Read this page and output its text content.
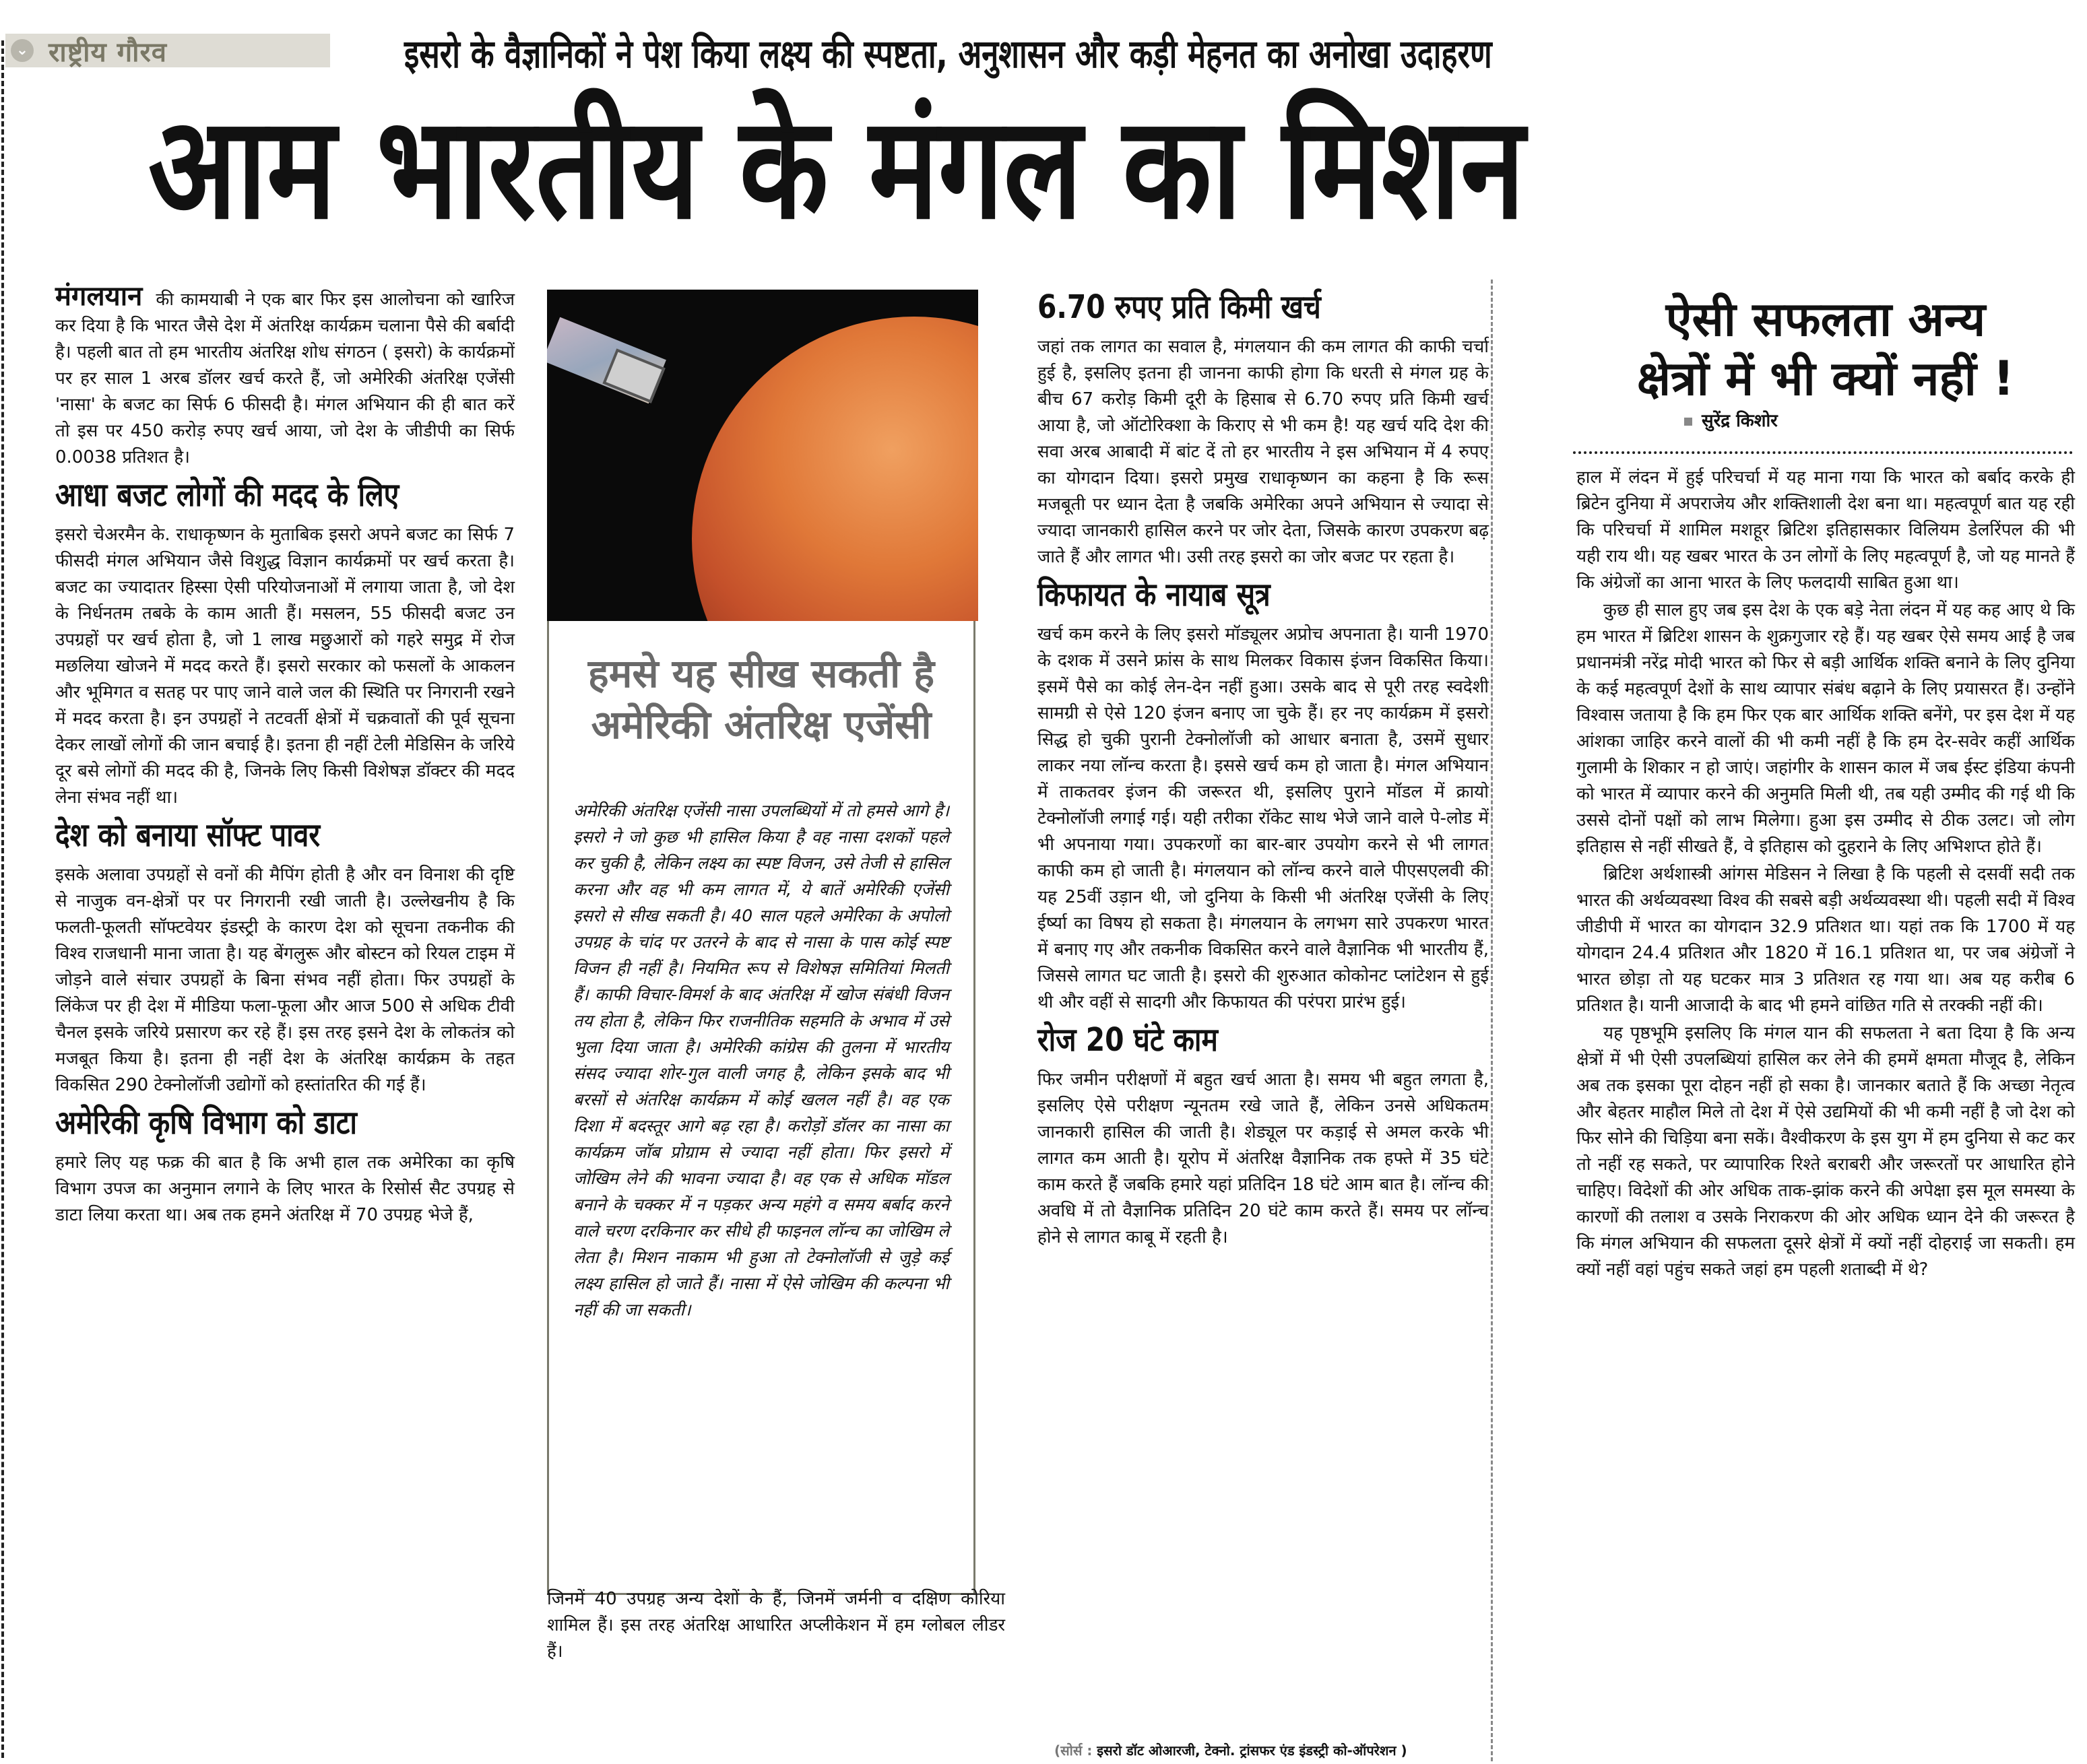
⌄ राष्ट्रीय गौरव	इसरो के वैज्ञानिकों ने पेश किया लक्ष्य की स्पष्टता, अनुशासन और कड़ी मेहनत का अनोखा उदाहरण
आम भारतीय के मंगल का मिशन

मंगलयान की कामयाबी ने एक बार फिर इस आलोचना को खारिज कर दिया है कि भारत जैसे देश में अंतरिक्ष कार्यक्रम चलाना पैसे की बर्बादी है। पहली बात तो हम भारतीय अंतरिक्ष शोध संगठन ( इसरो) के कार्यक्रमों पर हर साल 1 अरब डॉलर खर्च करते हैं, जो अमेरिकी अंतरिक्ष एजेंसी 'नासा' के बजट का सिर्फ 6 फीसदी है। मंगल अभियान की ही बात करें तो इस पर 450 करोड़ रुपए खर्च आया, जो देश के जीडीपी का सिर्फ 0.0038 प्रतिशत है।

आधा बजट लोगों की मदद के लिए

इसरो चेअरमैन के. राधाकृष्णन के मुताबिक इसरो अपने बजट का सिर्फ 7 फीसदी मंगल अभियान जैसे विशुद्ध विज्ञान कार्यक्रमों पर खर्च करता है। बजट का ज्यादातर हिस्सा ऐसी परियोजनाओं में लगाया जाता है, जो देश के निर्धनतम तबके के काम आती हैं। मसलन, 55 फीसदी बजट उन उपग्रहों पर खर्च होता है, जो 1 लाख मछुआरों को गहरे समुद्र में रोज मछलिया खोजने में मदद करते हैं। इसरो सरकार को फसलों के आकलन और भूमिगत व सतह पर पाए जाने वाले जल की स्थिति पर निगरानी रखने में मदद करता है। इन उपग्रहों ने तटवर्ती क्षेत्रों में चक्रवातों की पूर्व सूचना देकर लाखों लोगों की जान बचाई है। इतना ही नहीं टेली मेडिसिन के जरिये दूर बसे लोगों की मदद की है, जिनके लिए किसी विशेषज्ञ डॉक्टर की मदद लेना संभव नहीं था।

देश को बनाया सॉफ्ट पावर

इसके अलावा उपग्रहों से वनों की मैपिंग होती है और वन विनाश की दृष्टि से नाजुक वन-क्षेत्रों पर पर निगरानी रखी जाती है। उल्लेखनीय है कि फलती-फूलती सॉफ्टवेयर इंडस्ट्री के कारण देश को सूचना तकनीक की विश्व राजधानी माना जाता है। यह बेंगलुरू और बोस्टन को रियल टाइम में जोड़ने वाले संचार उपग्रहों के बिना संभव नहीं होता। फिर उपग्रहों के लिंकेज पर ही देश में मीडिया फला-फूला और आज 500 से अधिक टीवी चैनल इसके जरिये प्रसारण कर रहे हैं। इस तरह इसने देश के लोकतंत्र को मजबूत किया है। इतना ही नहीं देश के अंतरिक्ष कार्यक्रम के तहत विकसित 290 टेक्नोलॉजी उद्योगों को हस्तांतरित की गई हैं।

अमेरिकी कृषि विभाग को डाटा

हमारे लिए यह फक्र की बात है कि अभी हाल तक अमेरिका का कृषि विभाग उपज का अनुमान लगाने के लिए भारत के रिसोर्स सैट उपग्रह से डाटा लिया करता था। अब तक हमने अंतरिक्ष में 70 उपग्रह भेजे हैं,

हमसे यह सीख सकती है
अमेरिकी अंतरिक्ष एजेंसी
अमेरिकी अंतरिक्ष एजेंसी नासा उपलब्धियों में तो हमसे आगे है। इसरो ने जो कुछ भी हासिल किया है वह नासा दशकों पहले कर चुकी है, लेकिन लक्ष्य का स्पष्ट विजन, उसे तेजी से हासिल करना और वह भी कम लागत में, ये बातें अमेरिकी एजेंसी इसरो से सीख सकती है। 40 साल पहले अमेरिका के अपोलो उपग्रह के चांद पर उतरने के बाद से नासा के पास कोई स्पष्ट विजन ही नहीं है। नियमित रूप से विशेषज्ञ समितियां मिलती हैं। काफी विचार-विमर्श के बाद अंतरिक्ष में खोज संबंधी विजन तय होता है, लेकिन फिर राजनीतिक सहमति के अभाव में उसे भुला दिया जाता है। अमेरिकी कांग्रेस की तुलना में भारतीय संसद ज्यादा शोर-गुल वाली जगह है, लेकिन इसके बाद भी बरसों से अंतरिक्ष कार्यक्रम में कोई खलल नहीं है। वह एक दिशा में बदस्तूर आगे बढ़ रहा है। करोड़ों डॉलर का नासा का कार्यक्रम जॉब प्रोग्राम से ज्यादा नहीं होता। फिर इसरो में जोखिम लेने की भावना ज्यादा है। वह एक से अधिक मॉडल बनाने के चक्कर में न पड़कर अन्य महंगे व समय बर्बाद करने वाले चरण दरकिनार कर सीधे ही फाइनल लॉन्च का जोखिम ले लेता है। मिशन नाकाम भी हुआ तो टेक्नोलॉजी से जुड़े कई लक्ष्य हासिल हो जाते हैं। नासा में ऐसे जोखिम की कल्पना भी नहीं की जा सकती।
जिनमें 40 उपग्रह अन्य देशों के हैं, जिनमें जर्मनी व दक्षिण कोरिया शामिल हैं। इस तरह अंतरिक्ष आधारित अप्लीकेशन में हम ग्लोबल लीडर हैं।
6.70 रुपए प्रति किमी खर्च

जहां तक लागत का सवाल है, मंगलयान की कम लागत की काफी चर्चा हुई है, इसलिए इतना ही जानना काफी होगा कि धरती से मंगल ग्रह के बीच 67 करोड़ किमी दूरी के हिसाब से 6.70 रुपए प्रति किमी खर्च आया है, जो ऑटोरिक्शा के किराए से भी कम है! यह खर्च यदि देश की सवा अरब आबादी में बांट दें तो हर भारतीय ने इस अभियान में 4 रुपए का योगदान दिया। इसरो प्रमुख राधाकृष्णन का कहना है कि रूस मजबूती पर ध्यान देता है जबकि अमेरिका अपने अभियान से ज्यादा से ज्यादा जानकारी हासिल करने पर जोर देता, जिसके कारण उपकरण बढ़ जाते हैं और लागत भी। उसी तरह इसरो का जोर बजट पर रहता है।

किफायत के नायाब सूत्र

खर्च कम करने के लिए इसरो मॉड्यूलर अप्रोच अपनाता है। यानी 1970 के दशक में उसने फ्रांस के साथ मिलकर विकास इंजन विकसित किया। इसमें पैसे का कोई लेन-देन नहीं हुआ। उसके बाद से पूरी तरह स्वदेशी सामग्री से ऐसे 120 इंजन बनाए जा चुके हैं। हर नए कार्यक्रम में इसरो सिद्ध हो चुकी पुरानी टेक्नोलॉजी को आधार बनाता है, उसमें सुधार लाकर नया लॉन्च करता है। इससे खर्च कम हो जाता है। मंगल अभियान में ताकतवर इंजन की जरूरत थी, इसलिए पुराने मॉडल में क्रायो टेक्नोलॉजी लगाई गई। यही तरीका रॉकेट साथ भेजे जाने वाले पे-लोड में भी अपनाया गया। उपकरणों का बार-बार उपयोग करने से भी लागत काफी कम हो जाती है। मंगलयान को लॉन्च करने वाले पीएसएलवी की यह 25वीं उड़ान थी, जो दुनिया के किसी भी अंतरिक्ष एजेंसी के लिए ईर्ष्या का विषय हो सकता है। मंगलयान के लगभग सारे उपकरण भारत में बनाए गए और तकनीक विकसित करने वाले वैज्ञानिक भी भारतीय हैं, जिससे लागत घट जाती है। इसरो की शुरुआत कोकोनट प्लांटेशन से हुई थी और वहीं से सादगी और किफायत की परंपरा प्रारंभ हुई।

रोज 20 घंटे काम

फिर जमीन परीक्षणों में बहुत खर्च आता है। समय भी बहुत लगता है, इसलिए ऐसे परीक्षण न्यूनतम रखे जाते हैं, लेकिन उनसे अधिकतम जानकारी हासिल की जाती है। शेड्यूल पर कड़ाई से अमल करके भी लागत कम आती है। यूरोप में अंतरिक्ष वैज्ञानिक तक हफ्ते में 35 घंटे काम करते हैं जबकि हमारे यहां प्रतिदिन 18 घंटे आम बात है। लॉन्च की अवधि में तो वैज्ञानिक प्रतिदिन 20 घंटे काम करते हैं। समय पर लॉन्च होने से लागत काबू में रहती है।

(सोर्स : इसरो डॉट ओआरजी, टेक्नो. ट्रांसफर एंड इंडस्ट्री को-ऑपरेशन )
ऐसी सफलता अन्य
क्षेत्रों में भी क्यों नहीं !
सुरेंद्र किशोर

हाल में लंदन में हुई परिचर्चा में यह माना गया कि भारत को बर्बाद करके ही ब्रिटेन दुनिया में अपराजेय और शक्तिशाली देश बना था। महत्वपूर्ण बात यह रही कि परिचर्चा में शामिल मशहूर ब्रिटिश इतिहासकार विलियम डेलरिंपल की भी यही राय थी। यह खबर भारत के उन लोगों के लिए महत्वपूर्ण है, जो यह मानते हैं कि अंग्रेजों का आना भारत के लिए फलदायी साबित हुआ था।

कुछ ही साल हुए जब इस देश के एक बड़े नेता लंदन में यह कह आए थे कि हम भारत में ब्रिटिश शासन के शुक्रगुजार रहे हैं। यह खबर ऐसे समय आई है जब प्रधानमंत्री नरेंद्र मोदी भारत को फिर से बड़ी आर्थिक शक्ति बनाने के लिए दुनिया के कई महत्वपूर्ण देशों के साथ व्यापार संबंध बढ़ाने के लिए प्रयासरत हैं। उन्होंने विश्वास जताया है कि हम फिर एक बार आर्थिक शक्ति बनेंगे, पर इस देश में यह आंशका जाहिर करने वालों की भी कमी नहीं है कि हम देर-सवेर कहीं आर्थिक गुलामी के शिकार न हो जाएं। जहांगीर के शासन काल में जब ईस्ट इंडिया कंपनी को भारत में व्यापार करने की अनुमति मिली थी, तब यही उम्मीद की गई थी कि उससे दोनों पक्षों को लाभ मिलेगा। हुआ इस उम्मीद से ठीक उलट। जो लोग इतिहास से नहीं सीखते हैं, वे इतिहास को दुहराने के लिए अभिशप्त होते हैं।

ब्रिटिश अर्थशास्त्री आंगस मेडिसन ने लिखा है कि पहली से दसवीं सदी तक भारत की अर्थव्यवस्था विश्व की सबसे बड़ी अर्थव्यवस्था थी। पहली सदी में विश्व जीडीपी में भारत का योगदान 32.9 प्रतिशत था। यहां तक कि 1700 में यह योगदान 24.4 प्रतिशत और 1820 में 16.1 प्रतिशत था, पर जब अंग्रेजों ने भारत छोड़ा तो यह घटकर मात्र 3 प्रतिशत रह गया था। अब यह करीब 6 प्रतिशत है। यानी आजादी के बाद भी हमने वांछित गति से तरक्की नहीं की।

यह पृष्ठभूमि इसलिए कि मंगल यान की सफलता ने बता दिया है कि अन्य क्षेत्रों में भी ऐसी उपलब्धियां हासिल कर लेने की हममें क्षमता मौजूद है, लेकिन अब तक इसका पूरा दोहन नहीं हो सका है। जानकार बताते हैं कि अच्छा नेतृत्व और बेहतर माहौल मिले तो देश में ऐसे उद्यमियों की भी कमी नहीं है जो देश को फिर सोने की चिड़िया बना सकें। वैश्वीकरण के इस युग में हम दुनिया से कट कर तो नहीं रह सकते, पर व्यापारिक रिश्ते बराबरी और जरूरतों पर आधारित होने चाहिए। विदेशों की ओर अधिक ताक-झांक करने की अपेक्षा इस मूल समस्या के कारणों की तलाश व उसके निराकरण की ओर अधिक ध्यान देने की जरूरत है कि मंगल अभियान की सफलता दूसरे क्षेत्रों में क्यों नहीं दोहराई जा सकती। हम क्यों नहीं वहां पहुंच सकते जहां हम पहली शताब्दी में थे?
